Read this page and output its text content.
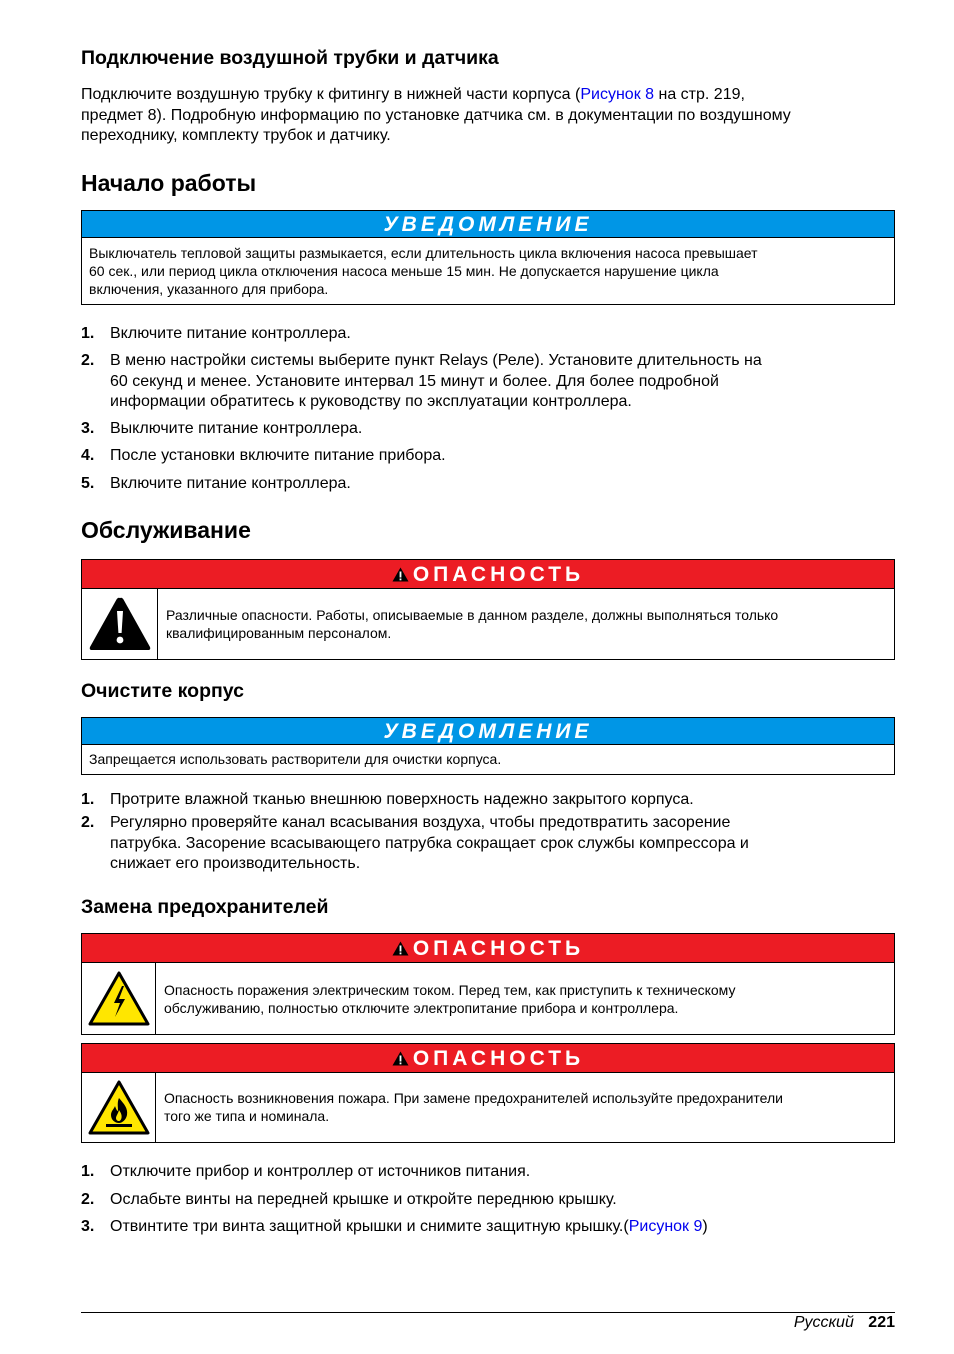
Подключение воздушной трубки и датчика
Подключите воздушную трубку к фитингу в нижней части корпуса (Рисунок 8 на стр. 219,
предмет 8). Подробную информацию по установке датчика см. в документации по воздушному
переходнику, комплекту трубок и датчику.
Начало работы
УВЕДОМЛЕНИЕ
Выключатель тепловой защиты размыкается, если длительность цикла включения насоса превышает
60 сек., или период цикла отключения насоса меньше 15 мин. Не допускается нарушение цикла
включения, указанного для прибора.
1. Включите питание контроллера.
2. В меню настройки системы выберите пункт Relays (Реле). Установите длительность на
60 секунд и менее. Установите интервал 15 минут и более. Для более подробной
информации обратитесь к руководству по эксплуатации контроллера.
3. Выключите питание контроллера.
4. После установки включите питание прибора.
5. Включите питание контроллера.
Обслуживание
ОПАСНОСТЬ
Различные опасности. Работы, описываемые в данном разделе, должны выполняться только
квалифицированным персоналом.
Очистите корпус
УВЕДОМЛЕНИЕ
Запрещается использовать растворители для очистки корпуса.
1. Протрите влажной тканью внешнюю поверхность надежно закрытого корпуса.
2. Регулярно проверяйте канал всасывания воздуха, чтобы предотвратить засорение
патрубка. Засорение всасывающего патрубка сокращает срок службы компрессора и
снижает его производительность.
Замена предохранителей
ОПАСНОСТЬ
Опасность поражения электрическим током. Перед тем, как приступить к техническому
обслуживанию, полностью отключите электропитание прибора и контроллера.
ОПАСНОСТЬ
Опасность возникновения пожара. При замене предохранителей используйте предохранители
того же типа и номинала.
1. Отключите прибор и контроллер от источников питания.
2. Ослабьте винты на передней крышке и откройте переднюю крышку.
3. Отвинтите три винта защитной крышки и снимите защитную крышку.(Рисунок 9)
Русский 221
